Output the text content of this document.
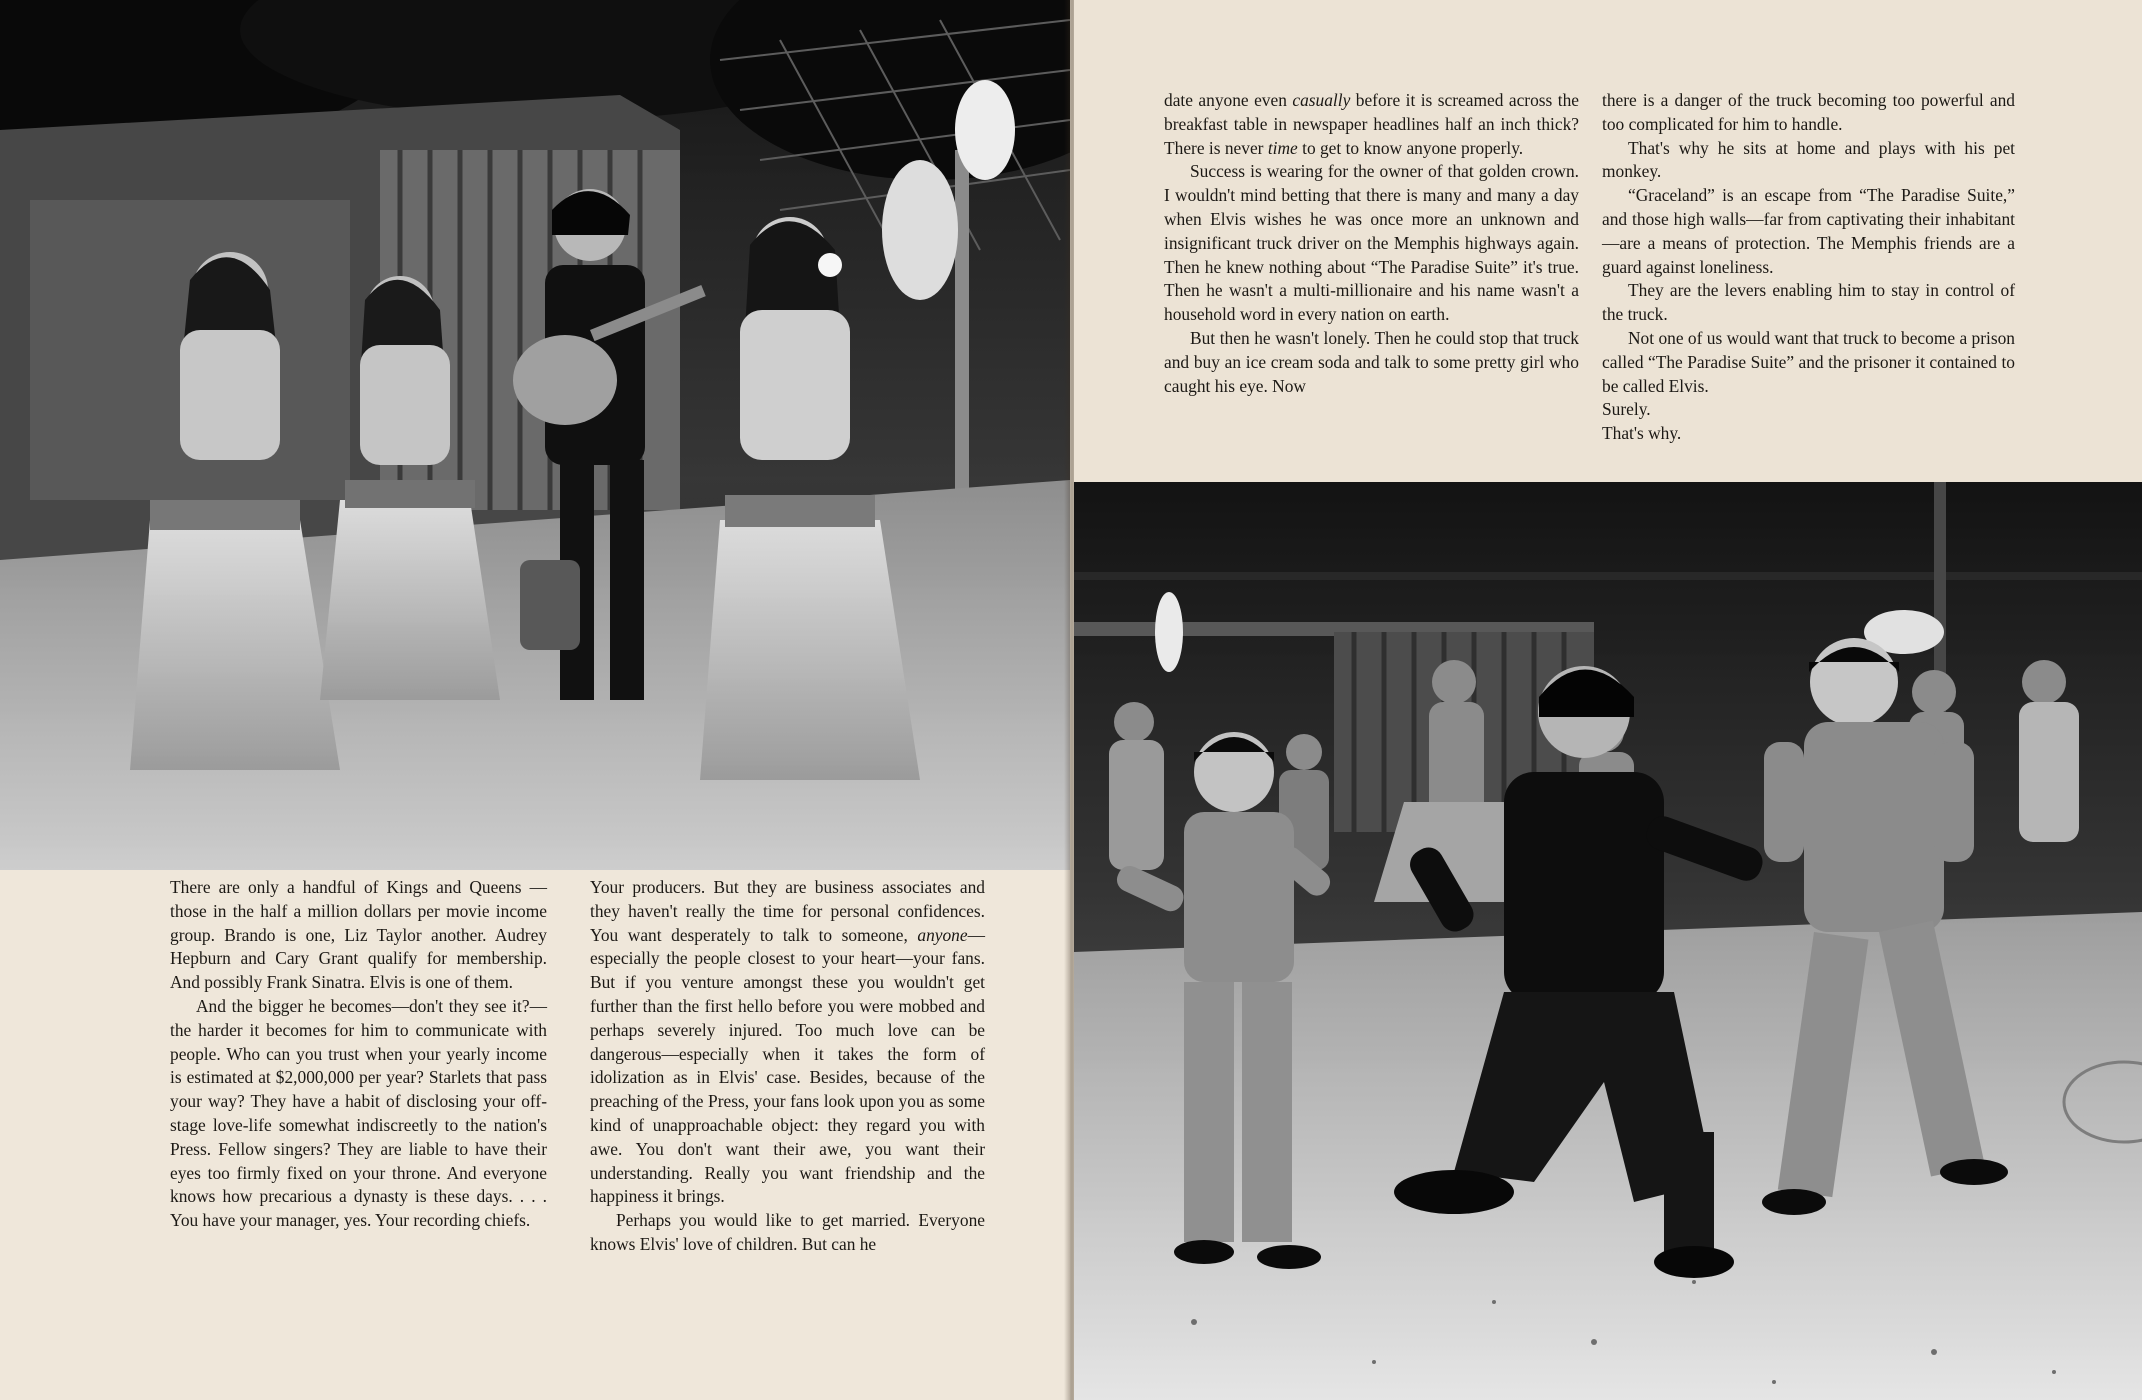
There are only a handful of Kings and Queens —those in the half a million dollars per movie income group. Brando is one, Liz Taylor another. Audrey Hepburn and Cary Grant qualify for membership. And possibly Frank Sinatra. Elvis is one of them.

And the bigger he becomes—don't they see it?—the harder it becomes for him to communicate with people. Who can you trust when your yearly income is estimated at $2,000,000 per year? Starlets that pass your way? They have a habit of disclosing your off-stage love-life somewhat indiscreetly to the nation's Press. Fellow singers? They are liable to have their eyes too firmly fixed on your throne. And everyone knows how precarious a dynasty is these days. . . . You have your manager, yes. Your recording chiefs.

Your producers. But they are business associates and they haven't really the time for personal confidences. You want desperately to talk to someone, anyone—especially the people closest to your heart—your fans. But if you venture amongst these you wouldn't get further than the first hello before you were mobbed and perhaps severely injured. Too much love can be dangerous—especially when it takes the form of idolization as in Elvis' case. Besides, because of the preaching of the Press, your fans look upon you as some kind of unapproachable object: they regard you with awe. You don't want their awe, you want their understanding. Really you want friendship and the happiness it brings.

Perhaps you would like to get married. Everyone knows Elvis' love of children. But can he

date anyone even casually before it is screamed across the breakfast table in newspaper headlines half an inch thick? There is never time to get to know anyone properly.

Success is wearing for the owner of that golden crown. I wouldn't mind betting that there is many and many a day when Elvis wishes he was once more an unknown and insignificant truck driver on the Memphis highways again. Then he knew nothing about “The Paradise Suite” it's true. Then he wasn't a multi-millionaire and his name wasn't a household word in every nation on earth.

But then he wasn't lonely. Then he could stop that truck and buy an ice cream soda and talk to some pretty girl who caught his eye. Now

there is a danger of the truck becoming too powerful and too complicated for him to handle.

That's why he sits at home and plays with his pet monkey.

“Graceland” is an escape from “The Paradise Suite,” and those high walls—far from captivating their inhabitant—are a means of protection. The Memphis friends are a guard against loneliness.

They are the levers enabling him to stay in control of the truck.

Not one of us would want that truck to become a prison called “The Paradise Suite” and the prisoner it contained to be called Elvis.

Surely.

That's why.
